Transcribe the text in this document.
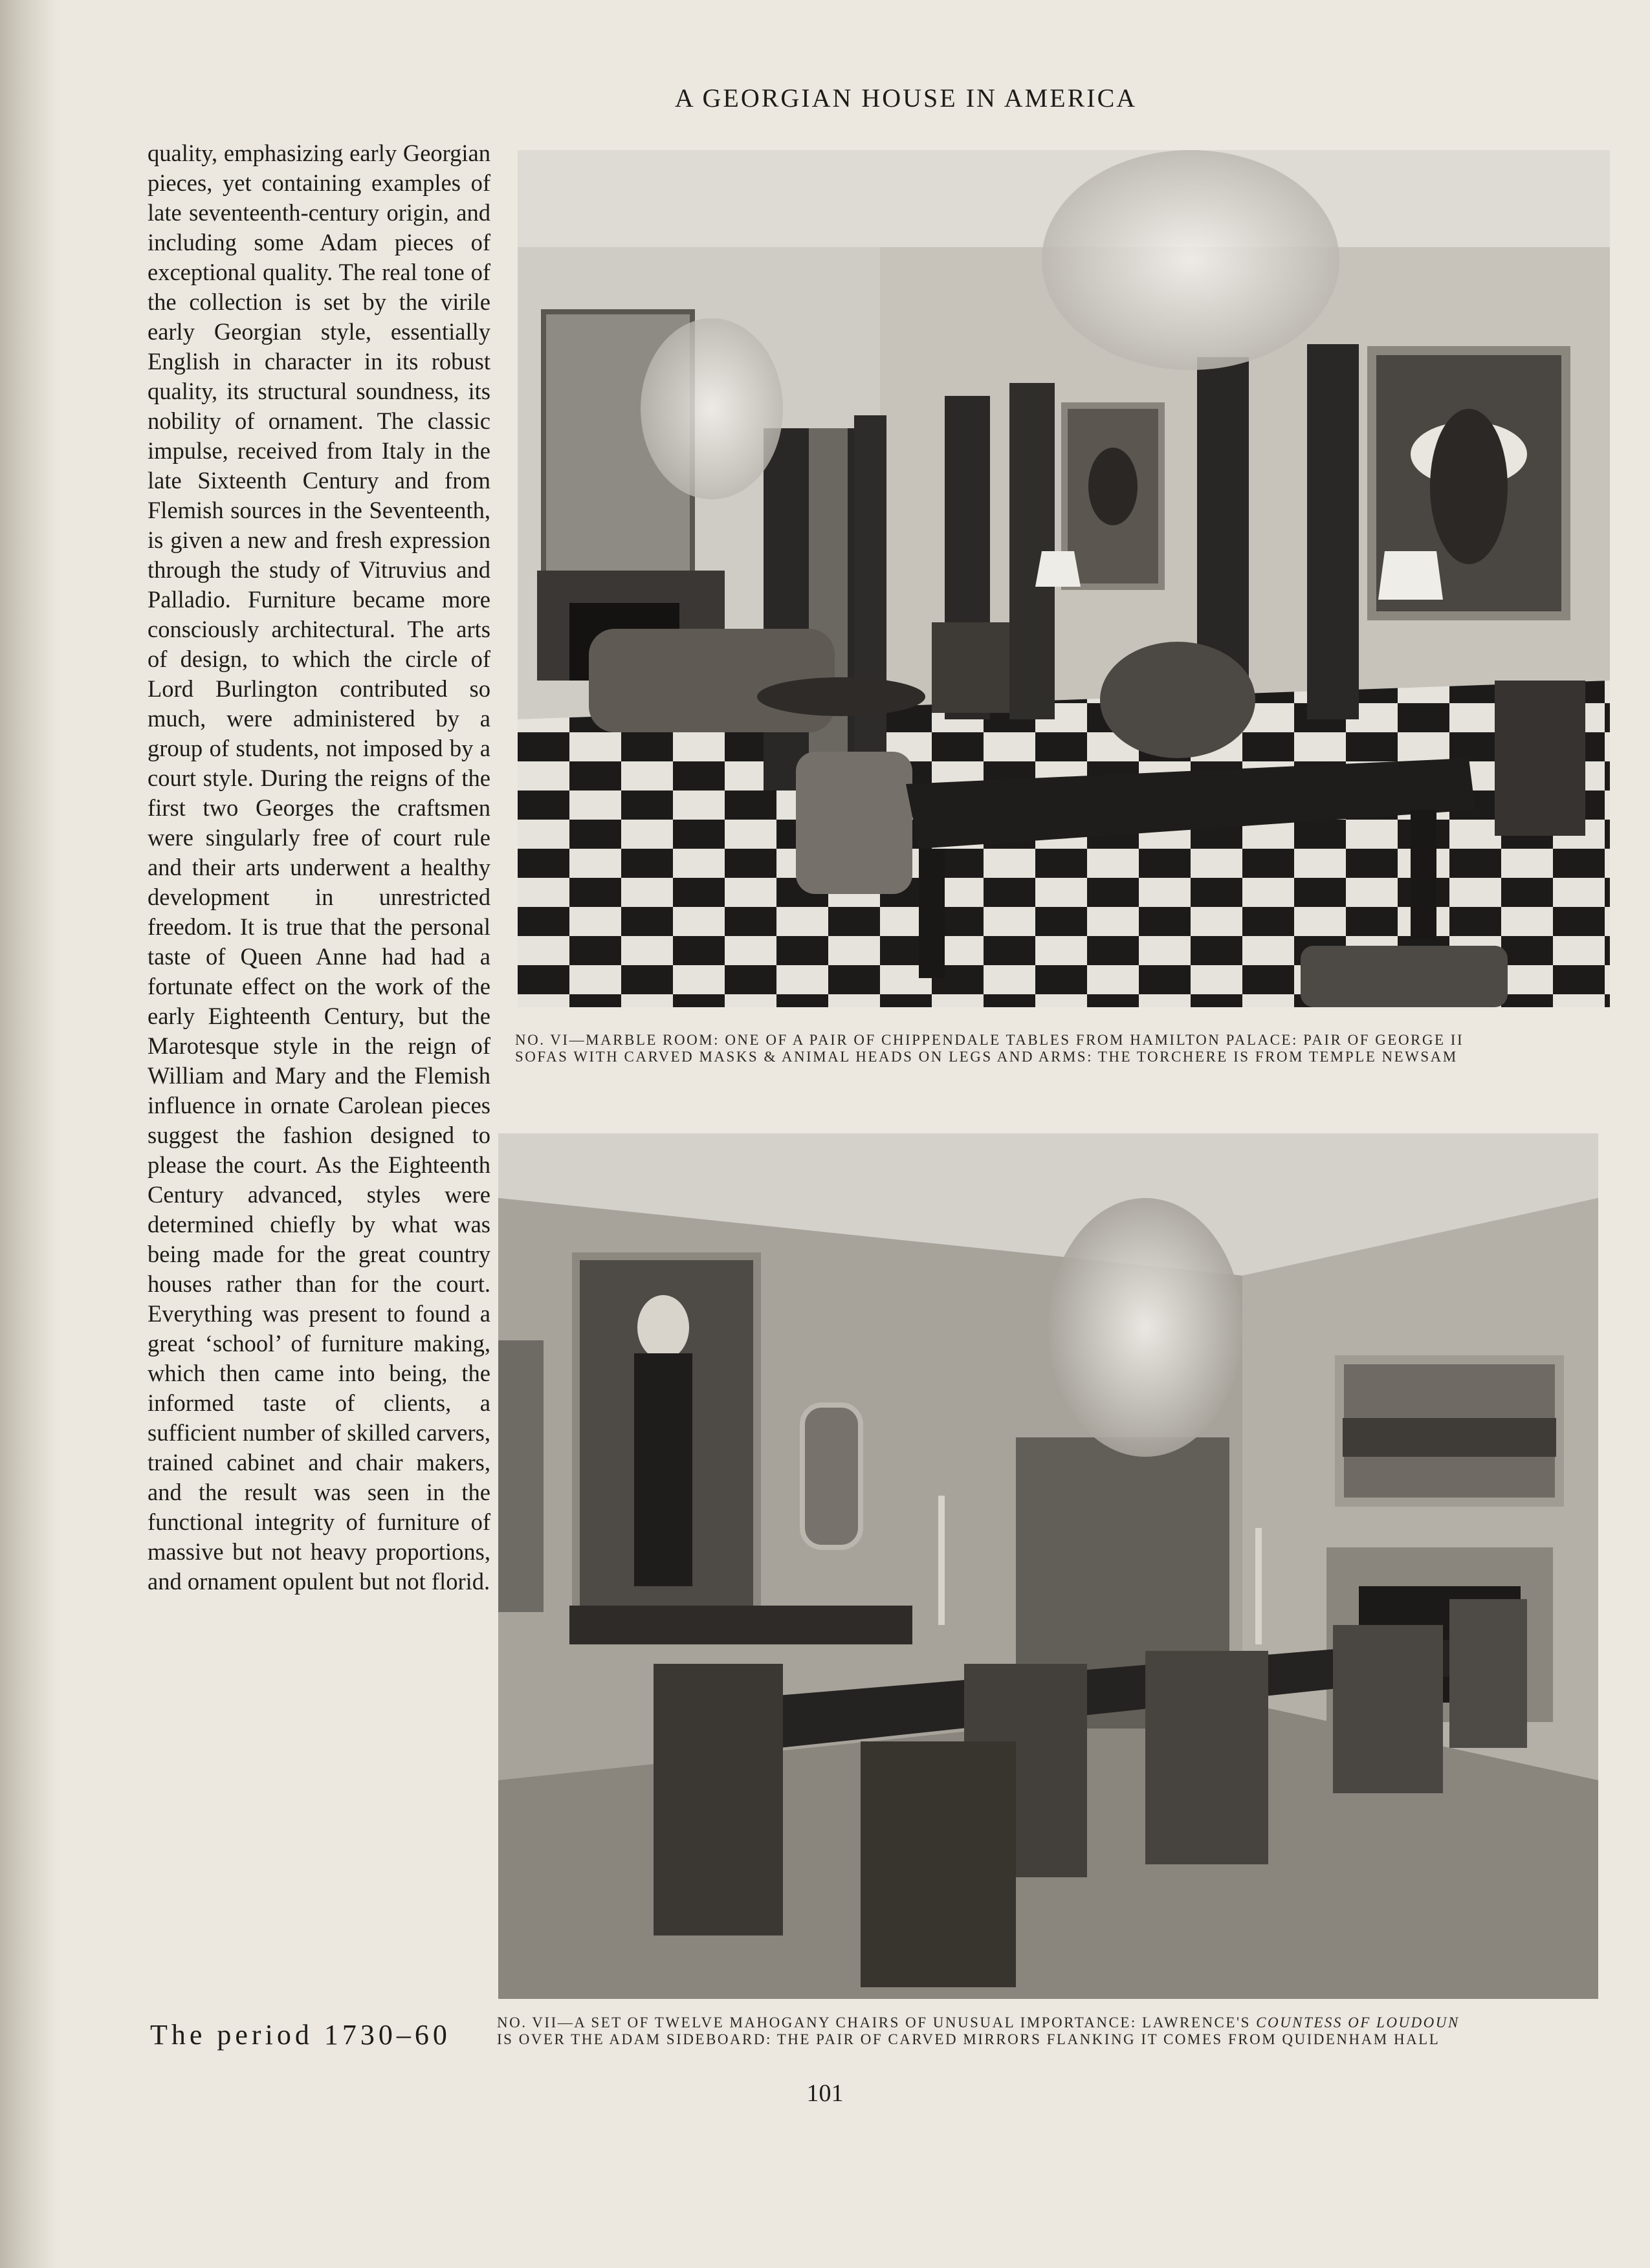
A GEORGIAN HOUSE IN AMERICA

quality, emphasizing early Georgian pieces, yet containing examples of late seventeenth-century origin, and including some Adam pieces of exceptional quality. The real tone of the collection is set by the virile early Georgian style, essentially English in character in its robust quality, its structural soundness, its nobility of ornament. The classic impulse, received from Italy in the late Sixteenth Century and from Flemish sources in the Seventeenth, is given a new and fresh expression through the study of Vitruvius and Palladio. Furniture became more consciously architectural. The arts of design, to which the circle of Lord Burlington contributed so much, were administered by a group of students, not imposed by a court style. During the reigns of the first two Georges the craftsmen were singularly free of court rule and their arts underwent a healthy development in unrestricted freedom. It is true that the personal taste of Queen Anne had had a fortunate effect on the work of the early Eighteenth Century, but the Marotesque style in the reign of William and Mary and the Flemish influence in ornate Carolean pieces suggest the fashion designed to please the court. As the Eighteenth Century advanced, styles were determined chiefly by what was being made for the great country houses rather than for the court. Everything was present to found a great ‘school’ of furniture making, which then came into being, the informed taste of clients, a sufficient number of skilled carvers, trained cabinet and chair makers, and the result was seen in the functional integrity of furniture of massive but not heavy proportions, and ornament opulent but not florid.

The period 1730–60
NO. VI—MARBLE ROOM: ONE OF A PAIR OF CHIPPENDALE TABLES FROM HAMILTON PALACE: PAIR OF GEORGE II
SOFAS WITH CARVED MASKS & ANIMAL HEADS ON LEGS AND ARMS: THE TORCHERE IS FROM TEMPLE NEWSAM
NO. VII—A SET OF TWELVE MAHOGANY CHAIRS OF UNUSUAL IMPORTANCE: LAWRENCE'S COUNTESS OF LOUDOUN
IS OVER THE ADAM SIDEBOARD: THE PAIR OF CARVED MIRRORS FLANKING IT COMES FROM QUIDENHAM HALL
101
